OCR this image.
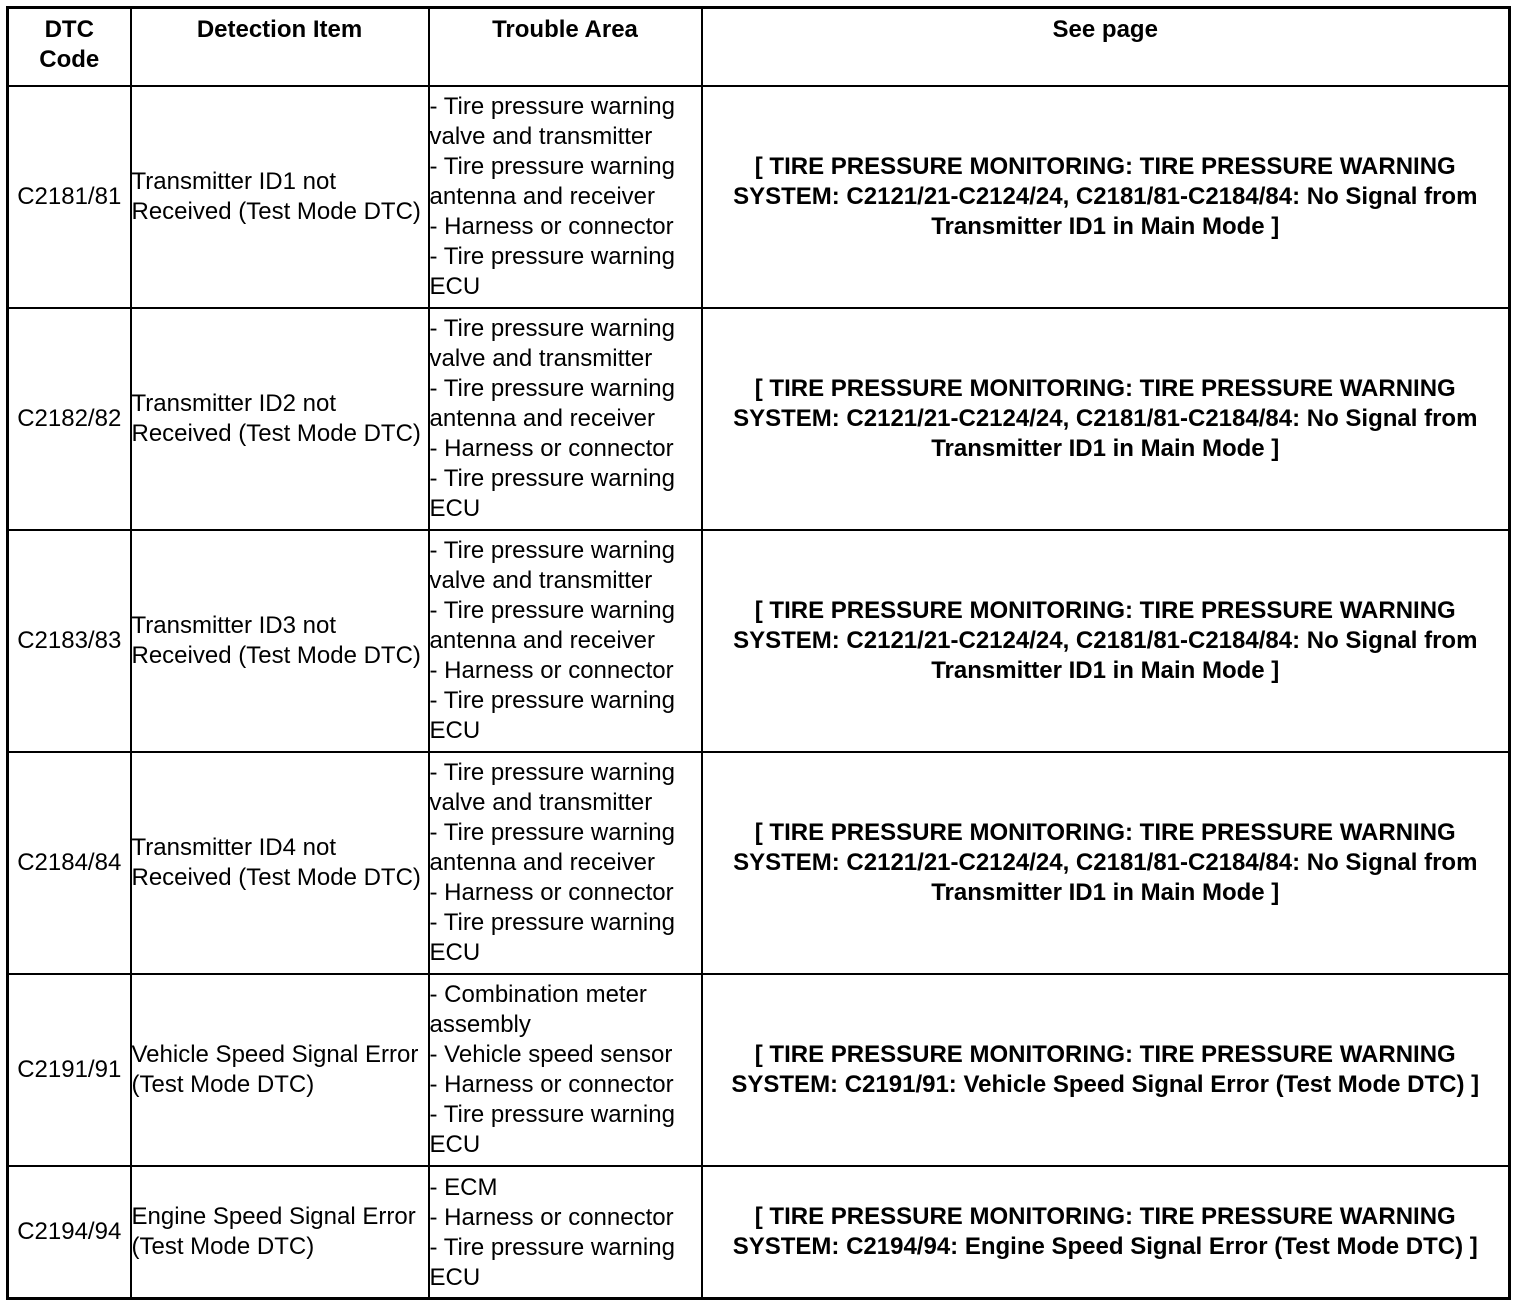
DTC
Code	Detection Item	Trouble Area	See page
C2181/81	Transmitter ID1 not Received (Test Mode DTC)	- Tire pressure warning valve and transmitter
- Tire pressure warning antenna and receiver
- Harness or connector
- Tire pressure warning ECU	[ TIRE PRESSURE MONITORING: TIRE PRESSURE WARNING SYSTEM: C2121/21-C2124/24, C2181/81-C2184/84: No Signal from Transmitter ID1 in Main Mode ]
C2182/82	Transmitter ID2 not Received (Test Mode DTC)	- Tire pressure warning valve and transmitter
- Tire pressure warning antenna and receiver
- Harness or connector
- Tire pressure warning ECU	[ TIRE PRESSURE MONITORING: TIRE PRESSURE WARNING SYSTEM: C2121/21-C2124/24, C2181/81-C2184/84: No Signal from Transmitter ID1 in Main Mode ]
C2183/83	Transmitter ID3 not Received (Test Mode DTC)	- Tire pressure warning valve and transmitter
- Tire pressure warning antenna and receiver
- Harness or connector
- Tire pressure warning ECU	[ TIRE PRESSURE MONITORING: TIRE PRESSURE WARNING SYSTEM: C2121/21-C2124/24, C2181/81-C2184/84: No Signal from Transmitter ID1 in Main Mode ]
C2184/84	Transmitter ID4 not Received (Test Mode DTC)	- Tire pressure warning valve and transmitter
- Tire pressure warning antenna and receiver
- Harness or connector
- Tire pressure warning ECU	[ TIRE PRESSURE MONITORING: TIRE PRESSURE WARNING SYSTEM: C2121/21-C2124/24, C2181/81-C2184/84: No Signal from Transmitter ID1 in Main Mode ]
C2191/91	Vehicle Speed Signal Error (Test Mode DTC)	- Combination meter assembly
- Vehicle speed sensor
- Harness or connector
- Tire pressure warning ECU	[ TIRE PRESSURE MONITORING: TIRE PRESSURE WARNING SYSTEM: C2191/91: Vehicle Speed Signal Error (Test Mode DTC) ]
C2194/94	Engine Speed Signal Error (Test Mode DTC)	- ECM
- Harness or connector
- Tire pressure warning ECU	[ TIRE PRESSURE MONITORING: TIRE PRESSURE WARNING SYSTEM: C2194/94: Engine Speed Signal Error (Test Mode DTC) ]
